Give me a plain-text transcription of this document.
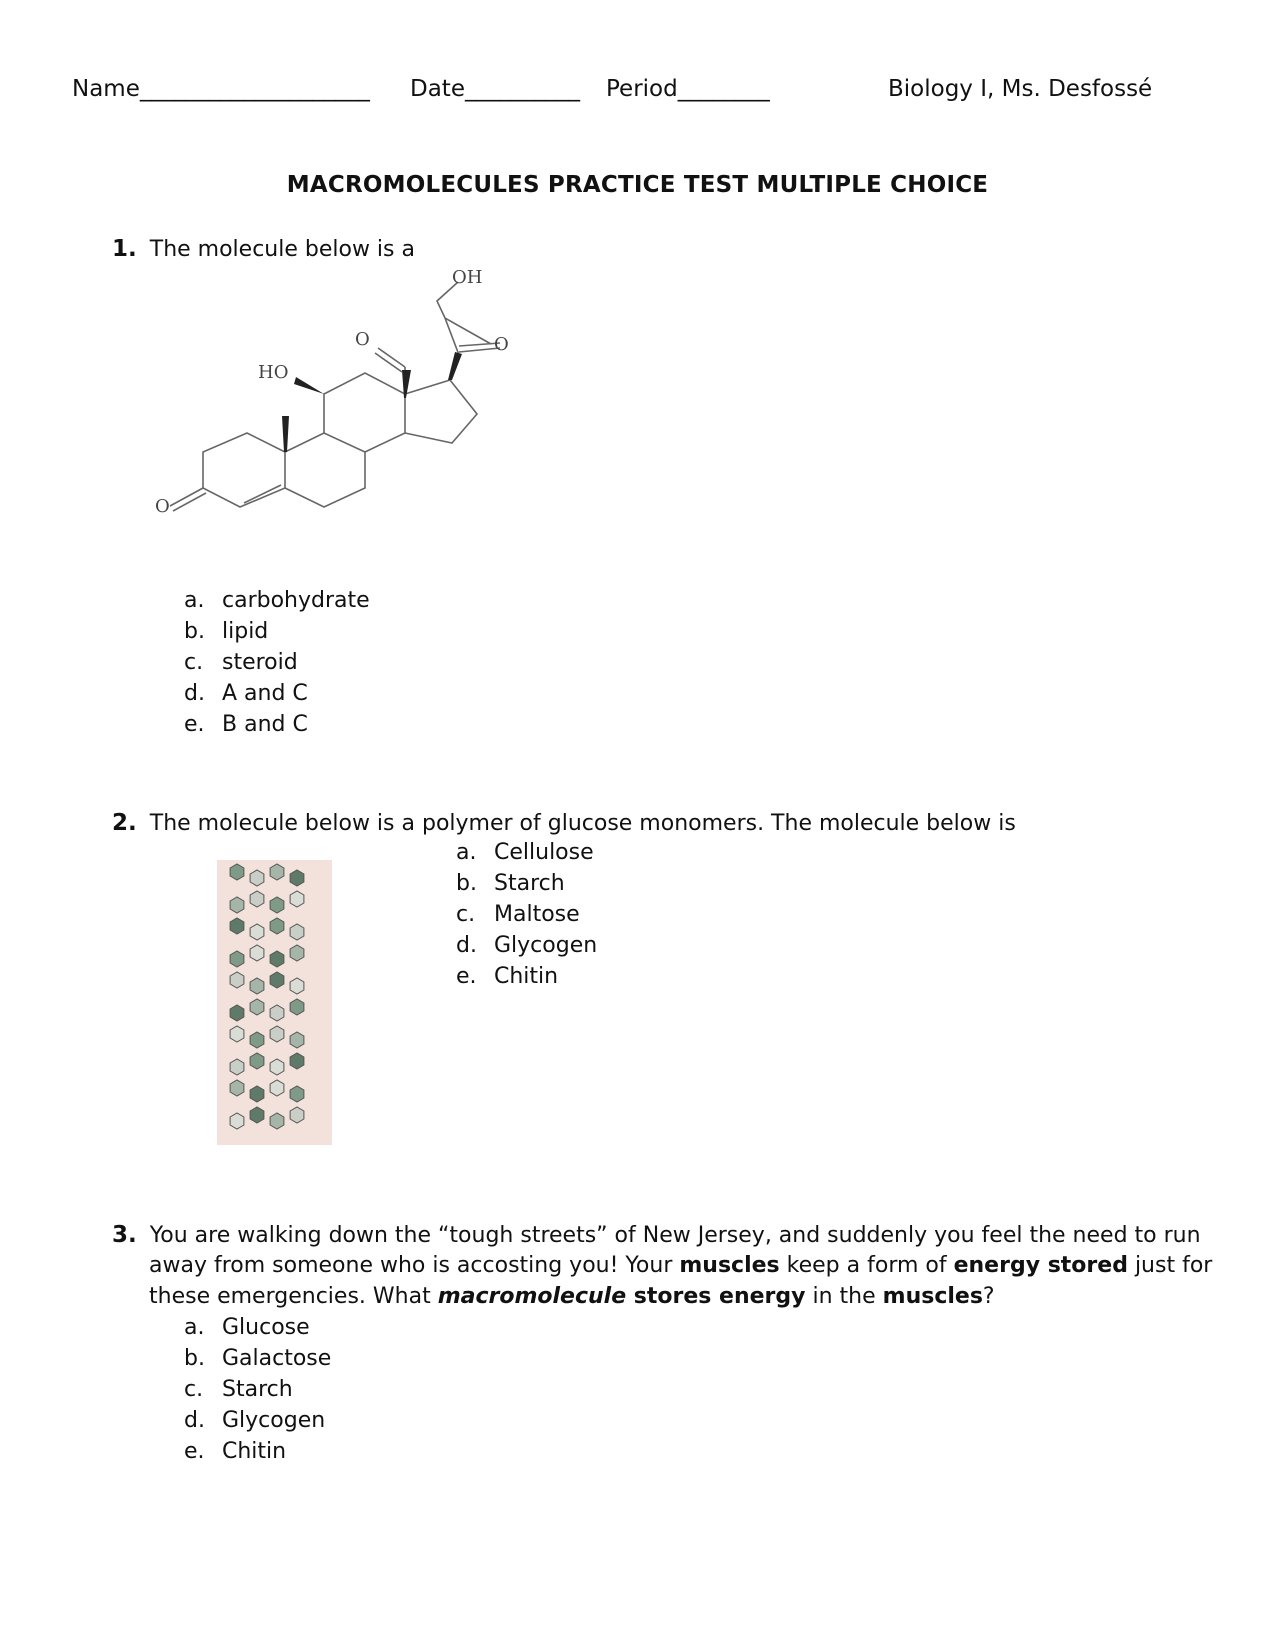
Name____________________ Date__________ Period________	Biology I, Ms. Desfossé
MACROMOLECULES PRACTICE TEST MULTIPLE CHOICE
1. The molecule below is a
OH
O
O
HO
O
a. carbohydrate
b. lipid
c. steroid
d. A and C
e. B and C
2. The molecule below is a polymer of glucose monomers. The molecule below is
a. Cellulose
b. Starch
c. Maltose
d. Glycogen
e. Chitin
3. You are walking down the “tough streets” of New Jersey, and suddenly you feel the need to run
away from someone who is accosting you! Your muscles keep a form of energy stored just for
these emergencies. What macromolecule stores energy in the muscles?
a. Glucose
b. Galactose
c. Starch
d. Glycogen
e. Chitin
